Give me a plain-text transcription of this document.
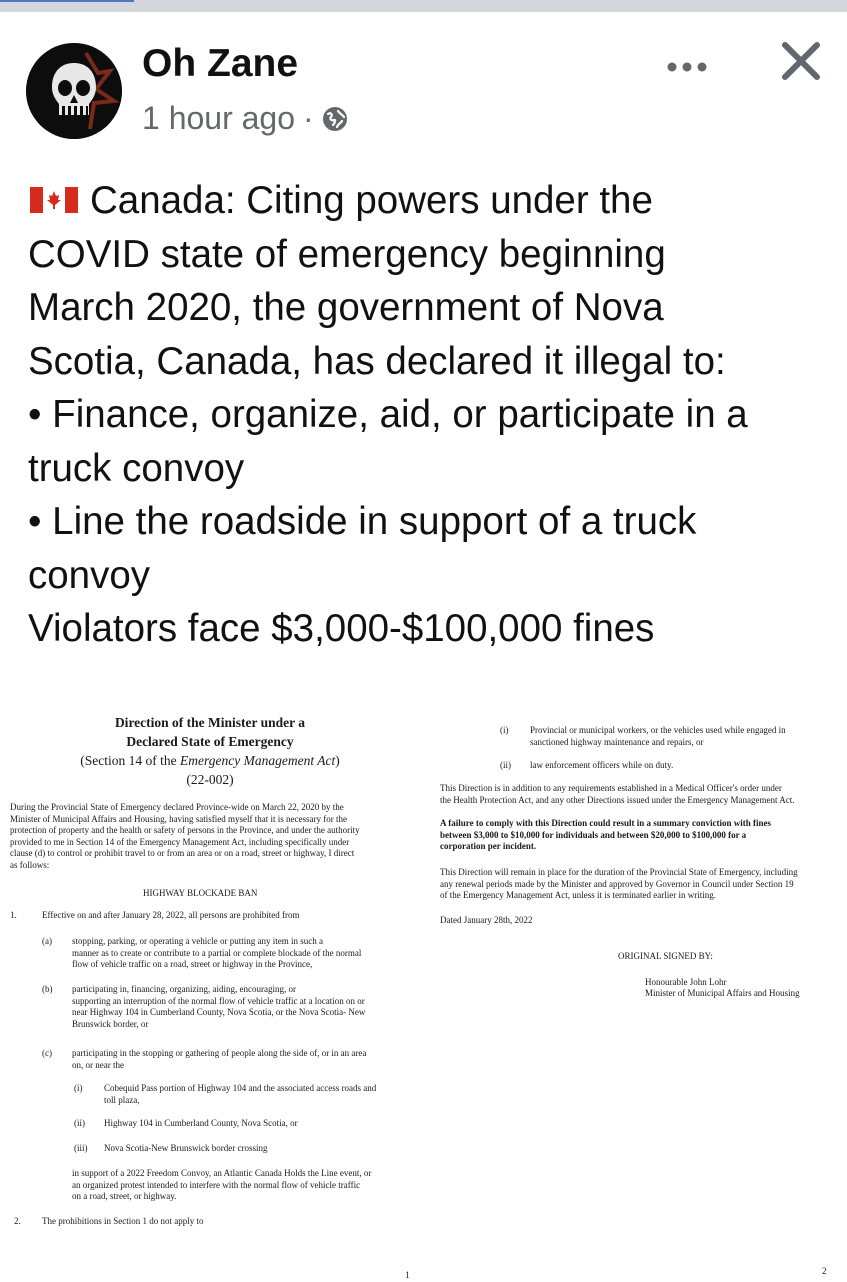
Oh Zane
1 hour ago ·
Canada: Citing powers under the
COVID state of emergency beginning
March 2020, the government of Nova
Scotia, Canada, has declared it illegal to:
• Finance, organize, aid, or participate in a
truck convoy
• Line the roadside in support of a truck
convoy
Violators face $3,000-$100,000 fines
Direction of the Minister under a
Declared State of Emergency
(Section 14 of the Emergency Management Act)
(22-002)
During the Provincial State of Emergency declared Province-wide on March 22, 2020 by the
Minister of Municipal Affairs and Housing, having satisfied myself that it is necessary for the
protection of property and the health or safety of persons in the Province, and under the authority
provided to me in Section 14 of the Emergency Management Act, including specifically under
clause (d) to control or prohibit travel to or from an area or on a road, street or highway, I direct
as follows:
HIGHWAY BLOCKADE BAN
1.	Effective on and after January 28, 2022, all persons are prohibited from
(a) stopping, parking, or operating a vehicle or putting any item in such a
manner as to create or contribute to a partial or complete blockade of the normal
flow of vehicle traffic on a road, street or highway in the Province,
(b) participating in, financing, organizing, aiding, encouraging, or
supporting an interruption of the normal flow of vehicle traffic at a location on or
near Highway 104 in Cumberland County, Nova Scotia, or the Nova Scotia- New
Brunswick border, or
(c) participating in the stopping or gathering of people along the side of, or in an area
on, or near the
(i) Cobequid Pass portion of Highway 104 and the associated access roads and
toll plaza,
(ii) Highway 104 in Cumberland County, Nova Scotia, or
(iii) Nova Scotia-New Brunswick border crossing
in support of a 2022 Freedom Convoy, an Atlantic Canada Holds the Line event, or
an organized protest intended to interfere with the normal flow of vehicle traffic
on a road, street, or highway.
2. The prohibitions in Section 1 do not apply to
(i) Provincial or municipal workers, or the vehicles used while engaged in
sanctioned highway maintenance and repairs, or
(ii) law enforcement officers while on duty.
This Direction is in addition to any requirements established in a Medical Officer's order under
the Health Protection Act, and any other Directions issued under the Emergency Management Act.
A failure to comply with this Direction could result in a summary conviction with fines
between $3,000 to $10,000 for individuals and between $20,000 to $100,000 for a
corporation per incident.
This Direction will remain in place for the duration of the Provincial State of Emergency, including
any renewal periods made by the Minister and approved by Governor in Council under Section 19
of the Emergency Management Act, unless it is terminated earlier in writing.
Dated January 28th, 2022
ORIGINAL SIGNED BY:
Honourable John Lohr
Minister of Municipal Affairs and Housing
1	2
